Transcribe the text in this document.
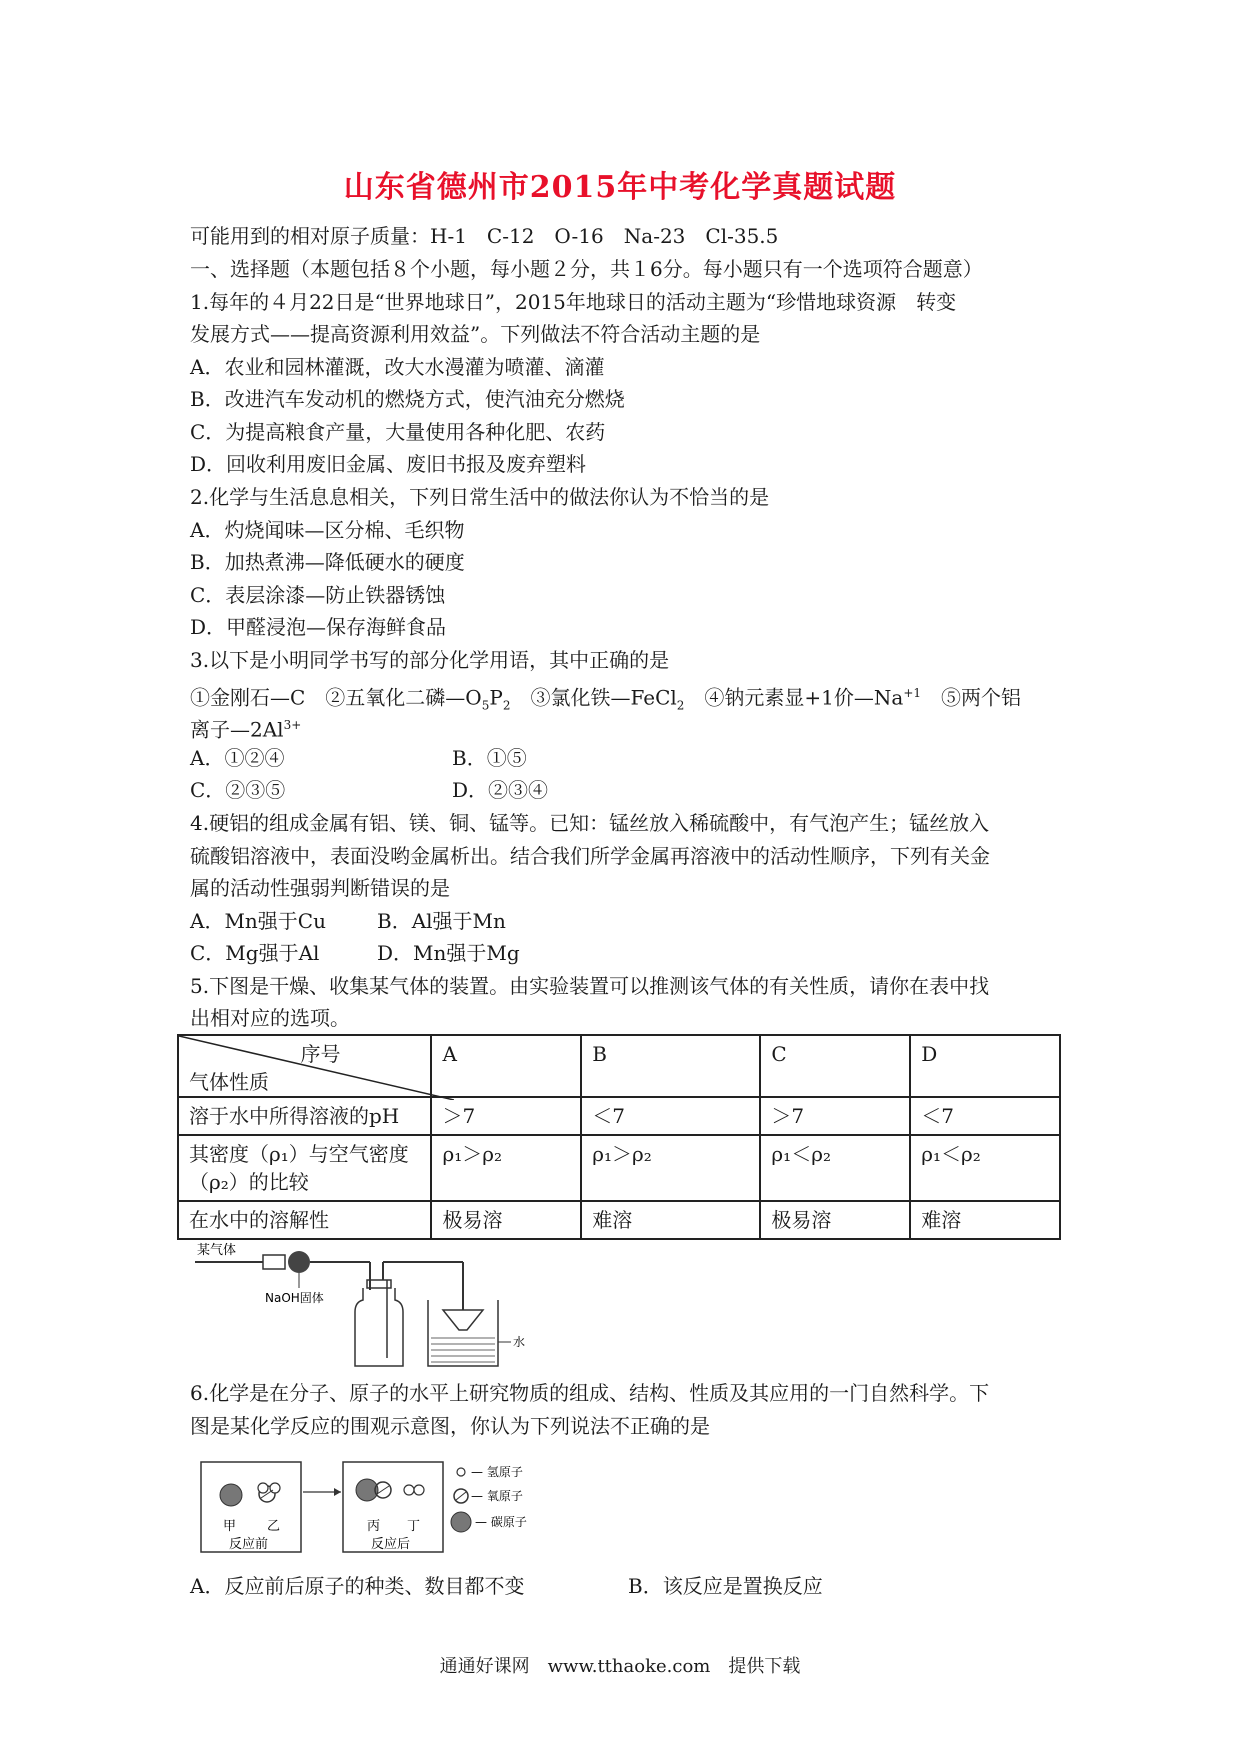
山东省德州市2015年中考化学真题试题
可能用到的相对原子质量：H-1　C-12　O-16　Na-23　Cl-35.5
一、选择题（本题包括８个小题，每小题２分，共１6分。每小题只有一个选项符合题意）
1.每年的４月22日是“世界地球日”，2015年地球日的活动主题为“珍惜地球资源　转变
发展方式——提高资源利用效益”。下列做法不符合活动主题的是
A．农业和园林灌溉，改大水漫灌为喷灌、滴灌
B．改进汽车发动机的燃烧方式，使汽油充分燃烧
C．为提高粮食产量，大量使用各种化肥、农药
D．回收利用废旧金属、废旧书报及废弃塑料
2.化学与生活息息相关，下列日常生活中的做法你认为不恰当的是
A．灼烧闻味—区分棉、毛织物
B．加热煮沸—降低硬水的硬度
C．表层涂漆—防止铁器锈蚀
D．甲醛浸泡—保存海鲜食品
3.以下是小明同学书写的部分化学用语，其中正确的是
①金刚石—C　②五氧化二磷$—O_5P_2$　③氯化铁—FeCl$_2$　④钠元素显+1价$—Na^{+1}$　⑤两个铝
离子$—2Al^{3+}$
A．①②④	B．①⑤
C．②③⑤	D．②③④
4.硬铝的组成金属有铝、镁、铜、锰等。已知：锰丝放入稀硫酸中，有气泡产生；锰丝放入
硫酸铝溶液中，表面没哟金属析出。结合我们所学金属再溶液中的活动性顺序，下列有关金
属的活动性强弱判断错误的是
A．Mn强于Cu	B．Al强于Mn
C．Mg强于Al	D．Mn强于Mg
5.下图是干燥、收集某气体的装置。由实验装置可以推测该气体的有关性质，请你在表中找
出相对应的选项。
序号
气体性质	A	B	C	D
溶于水中所得溶液的pH	＞7	＜7	＞7	＜7

其密度（ρ₁）与空气密度
（ρ₂）的比较	ρ₁＞ρ₂	ρ₁＞ρ₂	ρ₁＜ρ₂	ρ₁＜ρ₂
在水中的溶解性	极易溶	难溶	极易溶	难溶
某气体
NaOH固体
水
6.化学是在分子、原子的水平上研究物质的组成、结构、性质及其应用的一门自然科学。下
图是某化学反应的围观示意图，你认为下列说法不正确的是
甲 乙
反应前
丙 丁
反应后
— 氢原子
— 氧原子
— 碳原子
A．反应前后原子的种类、数目都不变	B．该反应是置换反应
通通好课网　www.tthaoke.com　提供下载
